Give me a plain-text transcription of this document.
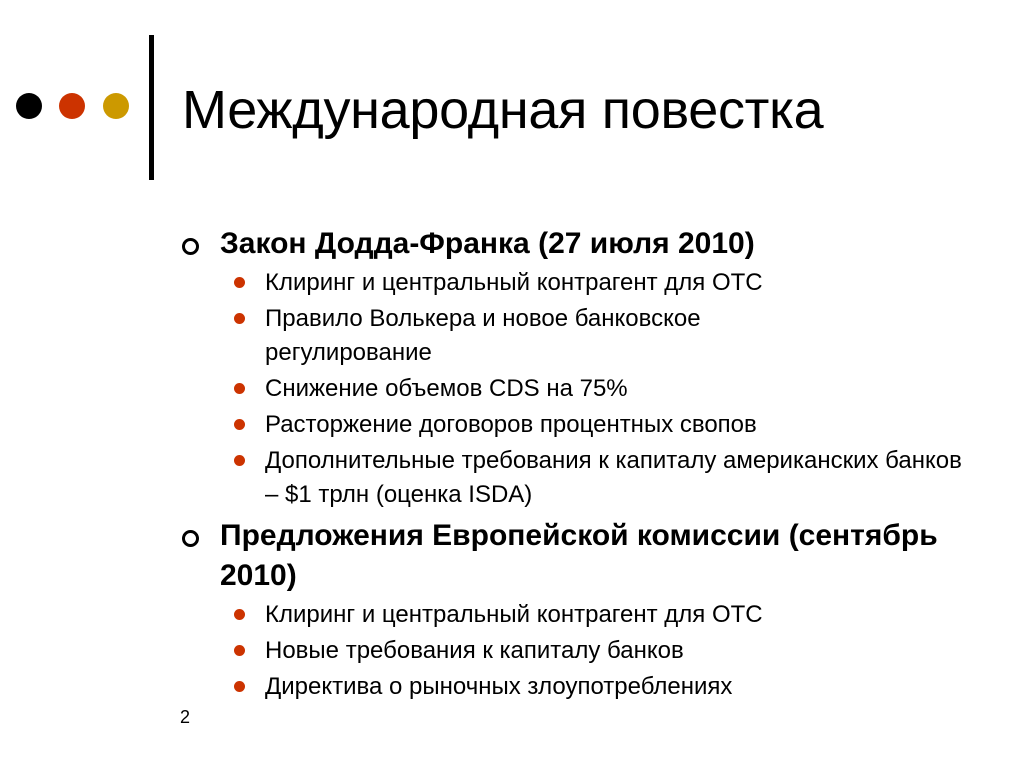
Международная повестка
Закон Додда-Франка (27 июля 2010)
Клиринг и центральный контрагент для ОТС
Правило Волькера и новое банковское регулирование
Снижение объемов CDS на 75%
Расторжение договоров процентных свопов
Дополнительные требования к капиталу американских банков – $1 трлн (оценка ISDA)
Предложения Европейской комиссии (сентябрь 2010)
Клиринг и центральный контрагент для ОТС
Новые требования к капиталу банков
Директива о рыночных злоупотреблениях
2
